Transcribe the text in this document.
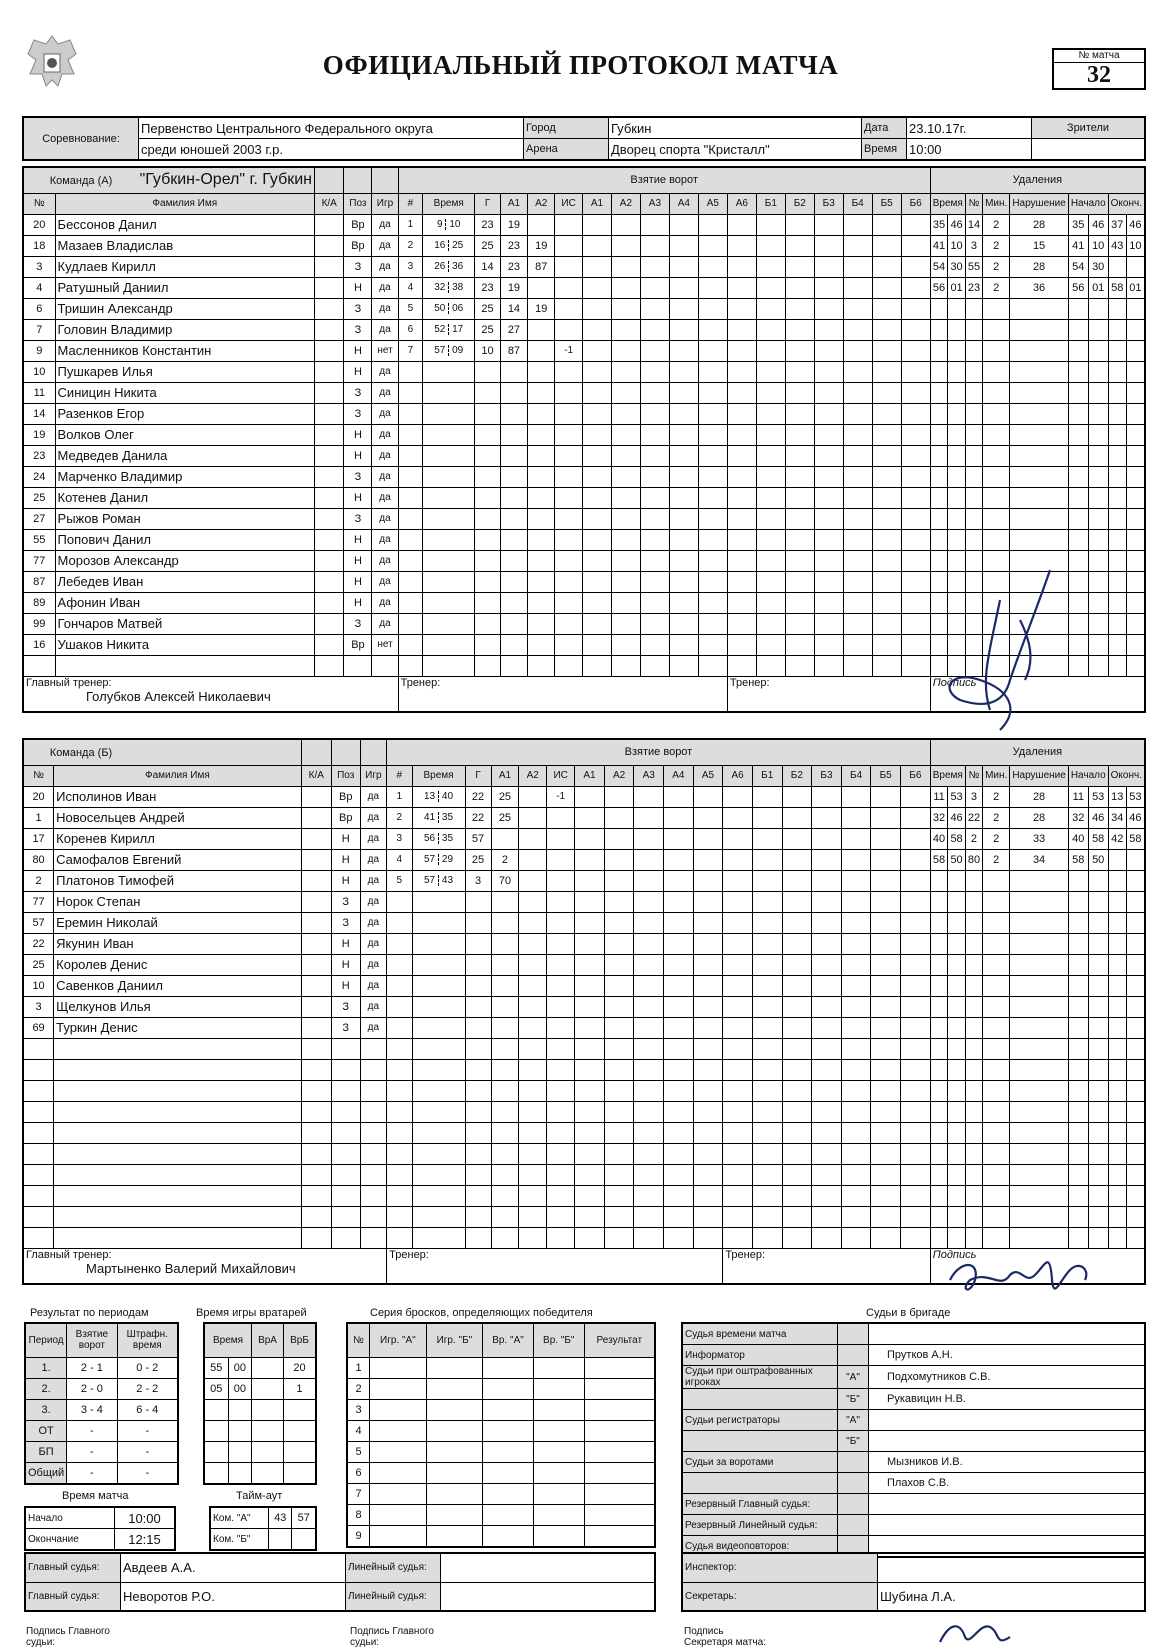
ОФИЦИАЛЬНЫЙ ПРОТОКОЛ МАТЧА	№ матча
32
Соревнование:	Первенство Центрального Федерального округа	Город	Губкин	Дата	23.10.17г.	Зрители
	среди юношей 2003 г.р.	Арена	Дворец спорта "Кристалл"	Время	10:00	
Команда (А) "Губкин-Орел" г. Губкин					Взятие ворот																		Удаления								
№	Фамилия Имя	К/А	Поз	Игр	#	Время	Г	А1	А2	ИС	А1	А2	А3	А4	А5	А6	Б1	Б2	Б3	Б4	Б5	Б6	Время		№	Мин.	Нарушение	Начало		Оконч.	
20	Бессонов Данил		Вр	да	1	9 10	23	19															35	46	14	2	28	35	46	37	46
18	Мазаев Владислав		Вр	да	2	16 25	25	23	19														41	10	3	2	15	41	10	43	10
3	Кудлаев Кирилл		З	да	3	26 36	14	23	87														54	30	55	2	28	54	30		
4	Ратушный Даниил		Н	да	4	32 38	23	19															56	01	23	2	36	56	01	58	01
6	Тришин Александр		З	да	5	50 06	25	14	19																						
7	Головин Владимир		З	да	6	52 17	25	27																							
9	Масленников Константин		Н	нет	7	57 09	10	87		-1																					
10	Пушкарев Илья		Н	да																											
11	Синицин Никита		З	да																											
14	Разенков Егор		З	да																											
19	Волков Олег		Н	да																											
23	Медведев Данила		Н	да																											
24	Марченко Владимир		З	да																											
25	Котенев Данил		Н	да																											
27	Рыжов Роман		З	да																											
55	Попович Данил		Н	да																											
77	Морозов Александр		Н	да																											
87	Лебедев Иван		Н	да																											
89	Афонин Иван		Н	да																											
99	Гончаров Матвей		З	да																											
16	Ушаков Никита		Вр	нет																											

Главный тренер:
Голубков Алексей Николаевич					Тренер:											Тренер:							Подпись								
Команда (Б)					Взятие ворот																		Удаления								
№	Фамилия Имя	К/А	Поз	Игр	#	Время	Г	А1	А2	ИС	А1	А2	А3	А4	А5	А6	Б1	Б2	Б3	Б4	Б5	Б6	Время		№	Мин.	Нарушение	Начало		Оконч.	
20	Исполинов Иван		Вр	да	1	13 40	22	25		-1													11	53	3	2	28	11	53	13	53
1	Новосельцев Андрей		Вр	да	2	41 35	22	25															32	46	22	2	28	32	46	34	46
17	Коренев Кирилл		Н	да	3	56 35	57																40	58	2	2	33	40	58	42	58
80	Самофалов Евгений		Н	да	4	57 29	25	2															58	50	80	2	34	58	50		
2	Платонов Тимофей		Н	да	5	57 43	3	70																							
77	Норок Степан		З	да																											
57	Еремин Николай		З	да																											
22	Якунин Иван		Н	да																											
25	Королев Денис		Н	да																											
10	Савенков Даниил		Н	да																											
3	Щелкунов Илья		З	да																											
69	Туркин Денис		З	да																											

Главный тренер:
Мартыненко Валерий Михайлович					Тренер:											Тренер:							Подпись								
Результат по периодам	Время игры вратарей	Серия бросков, определяющих победителя	Судьи в бригаде
Период	Взятие ворот	Штрафн. время
1.	2 - 1	0 - 2
2.	2 - 0	2 - 2
3.	3 - 4	6 - 4
ОТ	-	-
БП	-	-
Общий	-	-
Время		ВрА	ВрБ
55	00		20
05	00		1

№	Игр. "А"	Игр. "Б"	Вр. "А"	Вр. "Б"	Результат
1					
2					
3					
4					
5					
6					
7					
8					
9					
Судья времени матча		
Информатор		Прутков А.Н.
Судьи при оштрафованных игроках	"А"	Подхомутников С.В.
	"Б"	Рукавицин Н.В.
Судьи регистраторы	"А"	
	"Б"	
Судьи за воротами		Мызников И.В.
		Плахов С.В.
Резервный Главный судья:		
Резервный Линейный судья:		
Судья видеоповторов:		
Время матча	Тайм-аут
Начало	10:00
Окончание	12:15
Ком. "А"	43	57
Ком. "Б"		
Главный судья:	Авдеев А.А.	Линейный судья:	
Главный судья:	Неворотов Р.О.	Линейный судья:	
Инспектор:	
Секретарь:	Шубина Л.А.
Подпись Главного судьи:
Подпись Главного судьи:
Подпись Секретаря матча:
